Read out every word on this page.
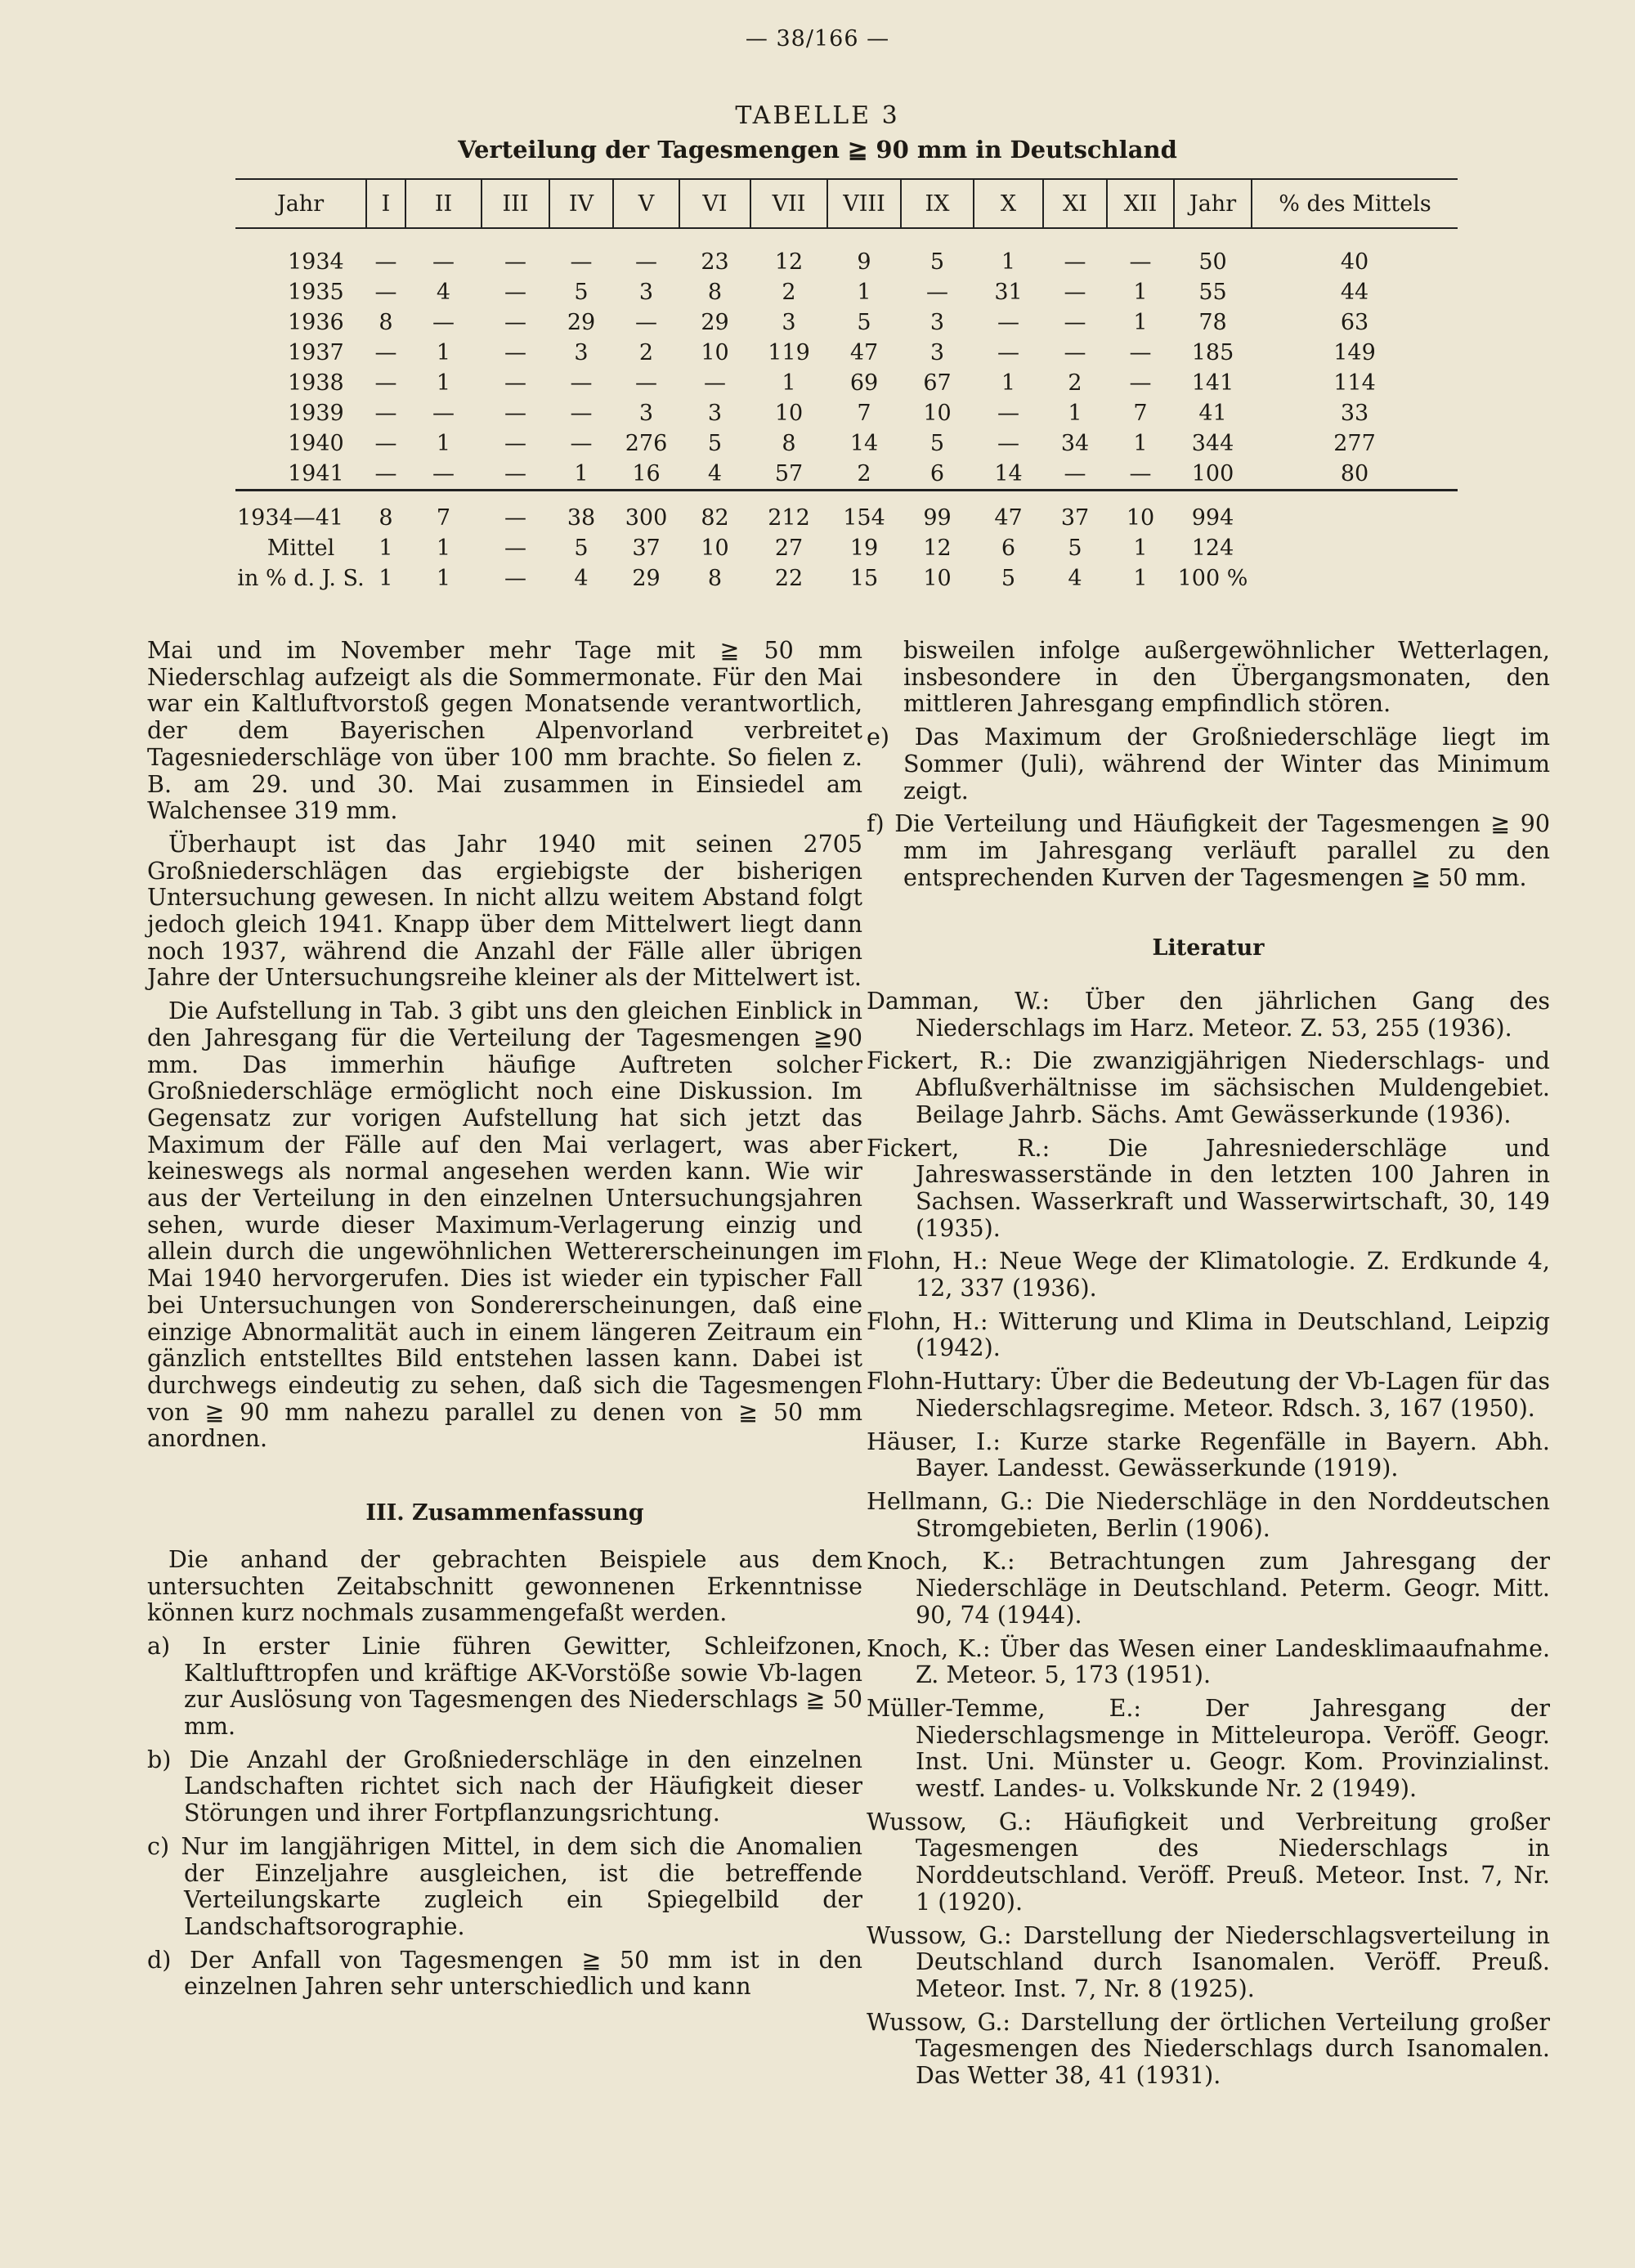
— 38/166 —
TABELLE 3
Verteilung der Tagesmengen ≧ 90 mm in Deutschland
Jahr	I	II	III	IV	V	VI	VII	VIII	IX	X	XI	XII	Jahr	% des Mittels
1934	—	—	—	—	—	23	12	9	5	1	—	—	50	40
1935	—	4	—	5	3	8	2	1	—	31	—	1	55	44
1936	8	—	—	29	—	29	3	5	3	—	—	1	78	63
1937	—	1	—	3	2	10	119	47	3	—	—	—	185	149
1938	—	1	—	—	—	—	1	69	67	1	2	—	141	114
1939	—	—	—	—	3	3	10	7	10	—	1	7	41	33
1940	—	1	—	—	276	5	8	14	5	—	34	1	344	277
1941	—	—	—	1	16	4	57	2	6	14	—	—	100	80
1934—41	8	7	—	38	300	82	212	154	99	47	37	10	994	
Mittel	1	1	—	5	37	10	27	19	12	6	5	1	124	
in % d. J. S.	1	1	—	4	29	8	22	15	10	5	4	1	100 %	

Mai und im November mehr Tage mit ≧ 50 mm Niederschlag aufzeigt als die Sommermonate. Für den Mai war ein Kaltluftvorstoß gegen Monatsende verantwortlich, der dem Bayerischen Alpenvorland verbreitet Tagesniederschläge von über 100 mm brachte. So fielen z. B. am 29. und 30. Mai zusammen in Einsiedel am Walchensee 319 mm.

Überhaupt ist das Jahr 1940 mit seinen 2705 Großniederschlägen das ergiebigste der bisherigen Untersuchung gewesen. In nicht allzu weitem Abstand folgt jedoch gleich 1941. Knapp über dem Mittelwert liegt dann noch 1937, während die Anzahl der Fälle aller übrigen Jahre der Untersuchungsreihe kleiner als der Mittelwert ist.

Die Aufstellung in Tab. 3 gibt uns den gleichen Einblick in den Jahresgang für die Verteilung der Tagesmengen ≧90 mm. Das immerhin häufige Auftreten solcher Großniederschläge ermöglicht noch eine Diskussion. Im Gegensatz zur vorigen Aufstellung hat sich jetzt das Maximum der Fälle auf den Mai verlagert, was aber keineswegs als normal angesehen werden kann. Wie wir aus der Verteilung in den einzelnen Untersuchungsjahren sehen, wurde dieser Maximum-Verlagerung einzig und allein durch die ungewöhnlichen Wettererscheinungen im Mai 1940 hervorgerufen. Dies ist wieder ein typischer Fall bei Untersuchungen von Sondererscheinungen, daß eine einzige Abnormalität auch in einem längeren Zeitraum ein gänzlich entstelltes Bild entstehen lassen kann. Dabei ist durchwegs eindeutig zu sehen, daß sich die Tagesmengen von ≧ 90 mm nahezu parallel zu denen von ≧ 50 mm anordnen.

III. Zusammenfassung

Die anhand der gebrachten Beispiele aus dem untersuchten Zeitabschnitt gewonnenen Erkenntnisse können kurz nochmals zusammengefaßt werden.

a) In erster Linie führen Gewitter, Schleifzonen, Kaltlufttropfen und kräftige AK-Vorstöße sowie Vb-lagen zur Auslösung von Tagesmengen des Niederschlags ≧ 50 mm.

b) Die Anzahl der Großniederschläge in den einzelnen Landschaften richtet sich nach der Häufigkeit dieser Störungen und ihrer Fortpflanzungsrichtung.

c) Nur im langjährigen Mittel, in dem sich die Anomalien der Einzeljahre ausgleichen, ist die betreffende Verteilungskarte zugleich ein Spiegelbild der Landschaftsorographie.

d) Der Anfall von Tagesmengen ≧ 50 mm ist in den einzelnen Jahren sehr unterschiedlich und kann

bisweilen infolge außergewöhnlicher Wetterlagen, insbesondere in den Übergangsmonaten, den mittleren Jahresgang empfindlich stören.

e) Das Maximum der Großniederschläge liegt im Sommer (Juli), während der Winter das Minimum zeigt.

f) Die Verteilung und Häufigkeit der Tagesmengen ≧ 90 mm im Jahresgang verläuft parallel zu den entsprechenden Kurven der Tagesmengen ≧ 50 mm.

Literatur

Damman, W.: Über den jährlichen Gang des Niederschlags im Harz. Meteor. Z. 53, 255 (1936).

Fickert, R.: Die zwanzigjährigen Niederschlags- und Abflußverhältnisse im sächsischen Muldengebiet. Beilage Jahrb. Sächs. Amt Gewässerkunde (1936).

Fickert, R.: Die Jahresniederschläge und Jahreswasserstände in den letzten 100 Jahren in Sachsen. Wasserkraft und Wasserwirtschaft, 30, 149 (1935).

Flohn, H.: Neue Wege der Klimatologie. Z. Erdkunde 4, 12, 337 (1936).

Flohn, H.: Witterung und Klima in Deutschland, Leipzig (1942).

Flohn-Huttary: Über die Bedeutung der Vb-Lagen für das Niederschlagsregime. Meteor. Rdsch. 3, 167 (1950).

Häuser, I.: Kurze starke Regenfälle in Bayern. Abh. Bayer. Landesst. Gewässerkunde (1919).

Hellmann, G.: Die Niederschläge in den Norddeutschen Stromgebieten, Berlin (1906).

Knoch, K.: Betrachtungen zum Jahresgang der Niederschläge in Deutschland. Peterm. Geogr. Mitt. 90, 74 (1944).

Knoch, K.: Über das Wesen einer Landesklimaaufnahme. Z. Meteor. 5, 173 (1951).

Müller-Temme, E.: Der Jahresgang der Niederschlagsmenge in Mitteleuropa. Veröff. Geogr. Inst. Uni. Münster u. Geogr. Kom. Provinzialinst. westf. Landes- u. Volkskunde Nr. 2 (1949).

Wussow, G.: Häufigkeit und Verbreitung großer Tagesmengen des Niederschlags in Norddeutschland. Veröff. Preuß. Meteor. Inst. 7, Nr. 1 (1920).

Wussow, G.: Darstellung der Niederschlagsverteilung in Deutschland durch Isanomalen. Veröff. Preuß. Meteor. Inst. 7, Nr. 8 (1925).

Wussow, G.: Darstellung der örtlichen Verteilung großer Tagesmengen des Niederschlags durch Isanomalen. Das Wetter 38, 41 (1931).
